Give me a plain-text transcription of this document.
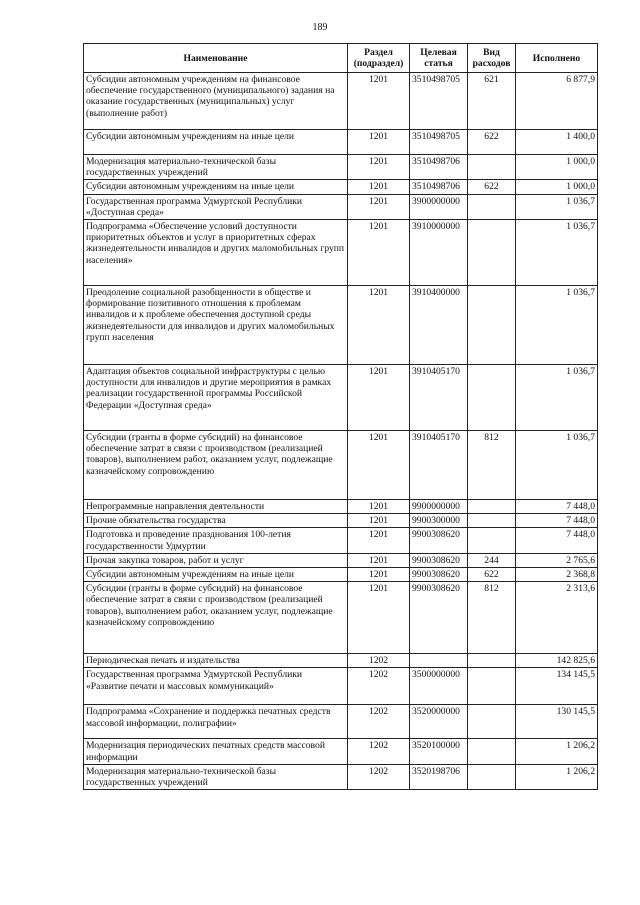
189
Наименование	Раздел (подраздел)	Целевая статья	Вид расходов	Исполнено
Субсидии автономным учреждениям на финансовое обеспечение государственного (муниципального) задания на оказание государственных (муниципальных) услуг (выполнение работ)	1201	3510498705	621	6 877,9
Субсидии автономным учреждениям на иные цели	1201	3510498705	622	1 400,0
Модернизация материально-технической базы государственных учреждений	1201	3510498706		1 000,0
Субсидии автономным учреждениям на иные цели	1201	3510498706	622	1 000,0
Государственная программа Удмуртской Республики «Доступная среда»	1201	3900000000		1 036,7
Подпрограмма «Обеспечение условий доступности приоритетных объектов и услуг в приоритетных сферах жизнедеятельности инвалидов и других маломобильных групп населения»	1201	3910000000		1 036,7
Преодоление социальной разобщенности в обществе и формирование позитивного отношения к проблемам инвалидов и к проблеме обеспечения доступной среды жизнедеятельности для инвалидов и других маломобильных групп населения	1201	3910400000		1 036,7
Адаптация объектов социальной инфраструктуры с целью доступности для инвалидов и другие мероприятия в рамках реализации государственной программы Российской Федерации «Доступная среда»	1201	3910405170		1 036,7
Субсидии (гранты в форме субсидий) на финансовое обеспечение затрат в связи с производством (реализацией товаров), выполнением работ, оказанием услуг, подлежащие казначейскому сопровождению	1201	3910405170	812	1 036,7
Непрограммные направления деятельности	1201	9900000000		7 448,0
Прочие обязательства государства	1201	9900300000		7 448,0
Подготовка и проведение празднования 100-летия государственности Удмуртии	1201	9900308620		7 448,0
Прочая закупка товаров, работ и услуг	1201	9900308620	244	2 765,6
Субсидии автономным учреждениям на иные цели	1201	9900308620	622	2 368,8
Субсидии (гранты в форме субсидий) на финансовое обеспечение затрат в связи с производством (реализацией товаров), выполнением работ, оказанием услуг, подлежащие казначейскому сопровождению	1201	9900308620	812	2 313,6
Периодическая печать и издательства	1202			142 825,6
Государственная программа Удмуртской Республики «Развитие печати и массовых коммуникаций»	1202	3500000000		134 145,5
Подпрограмма «Сохранение и поддержка печатных средств массовой информации, полиграфии»	1202	3520000000		130 145,5
Модернизация периодических печатных средств массовой информации	1202	3520100000		1 206,2
Модернизация материально-технической базы государственных учреждений	1202	3520198706		1 206,2
